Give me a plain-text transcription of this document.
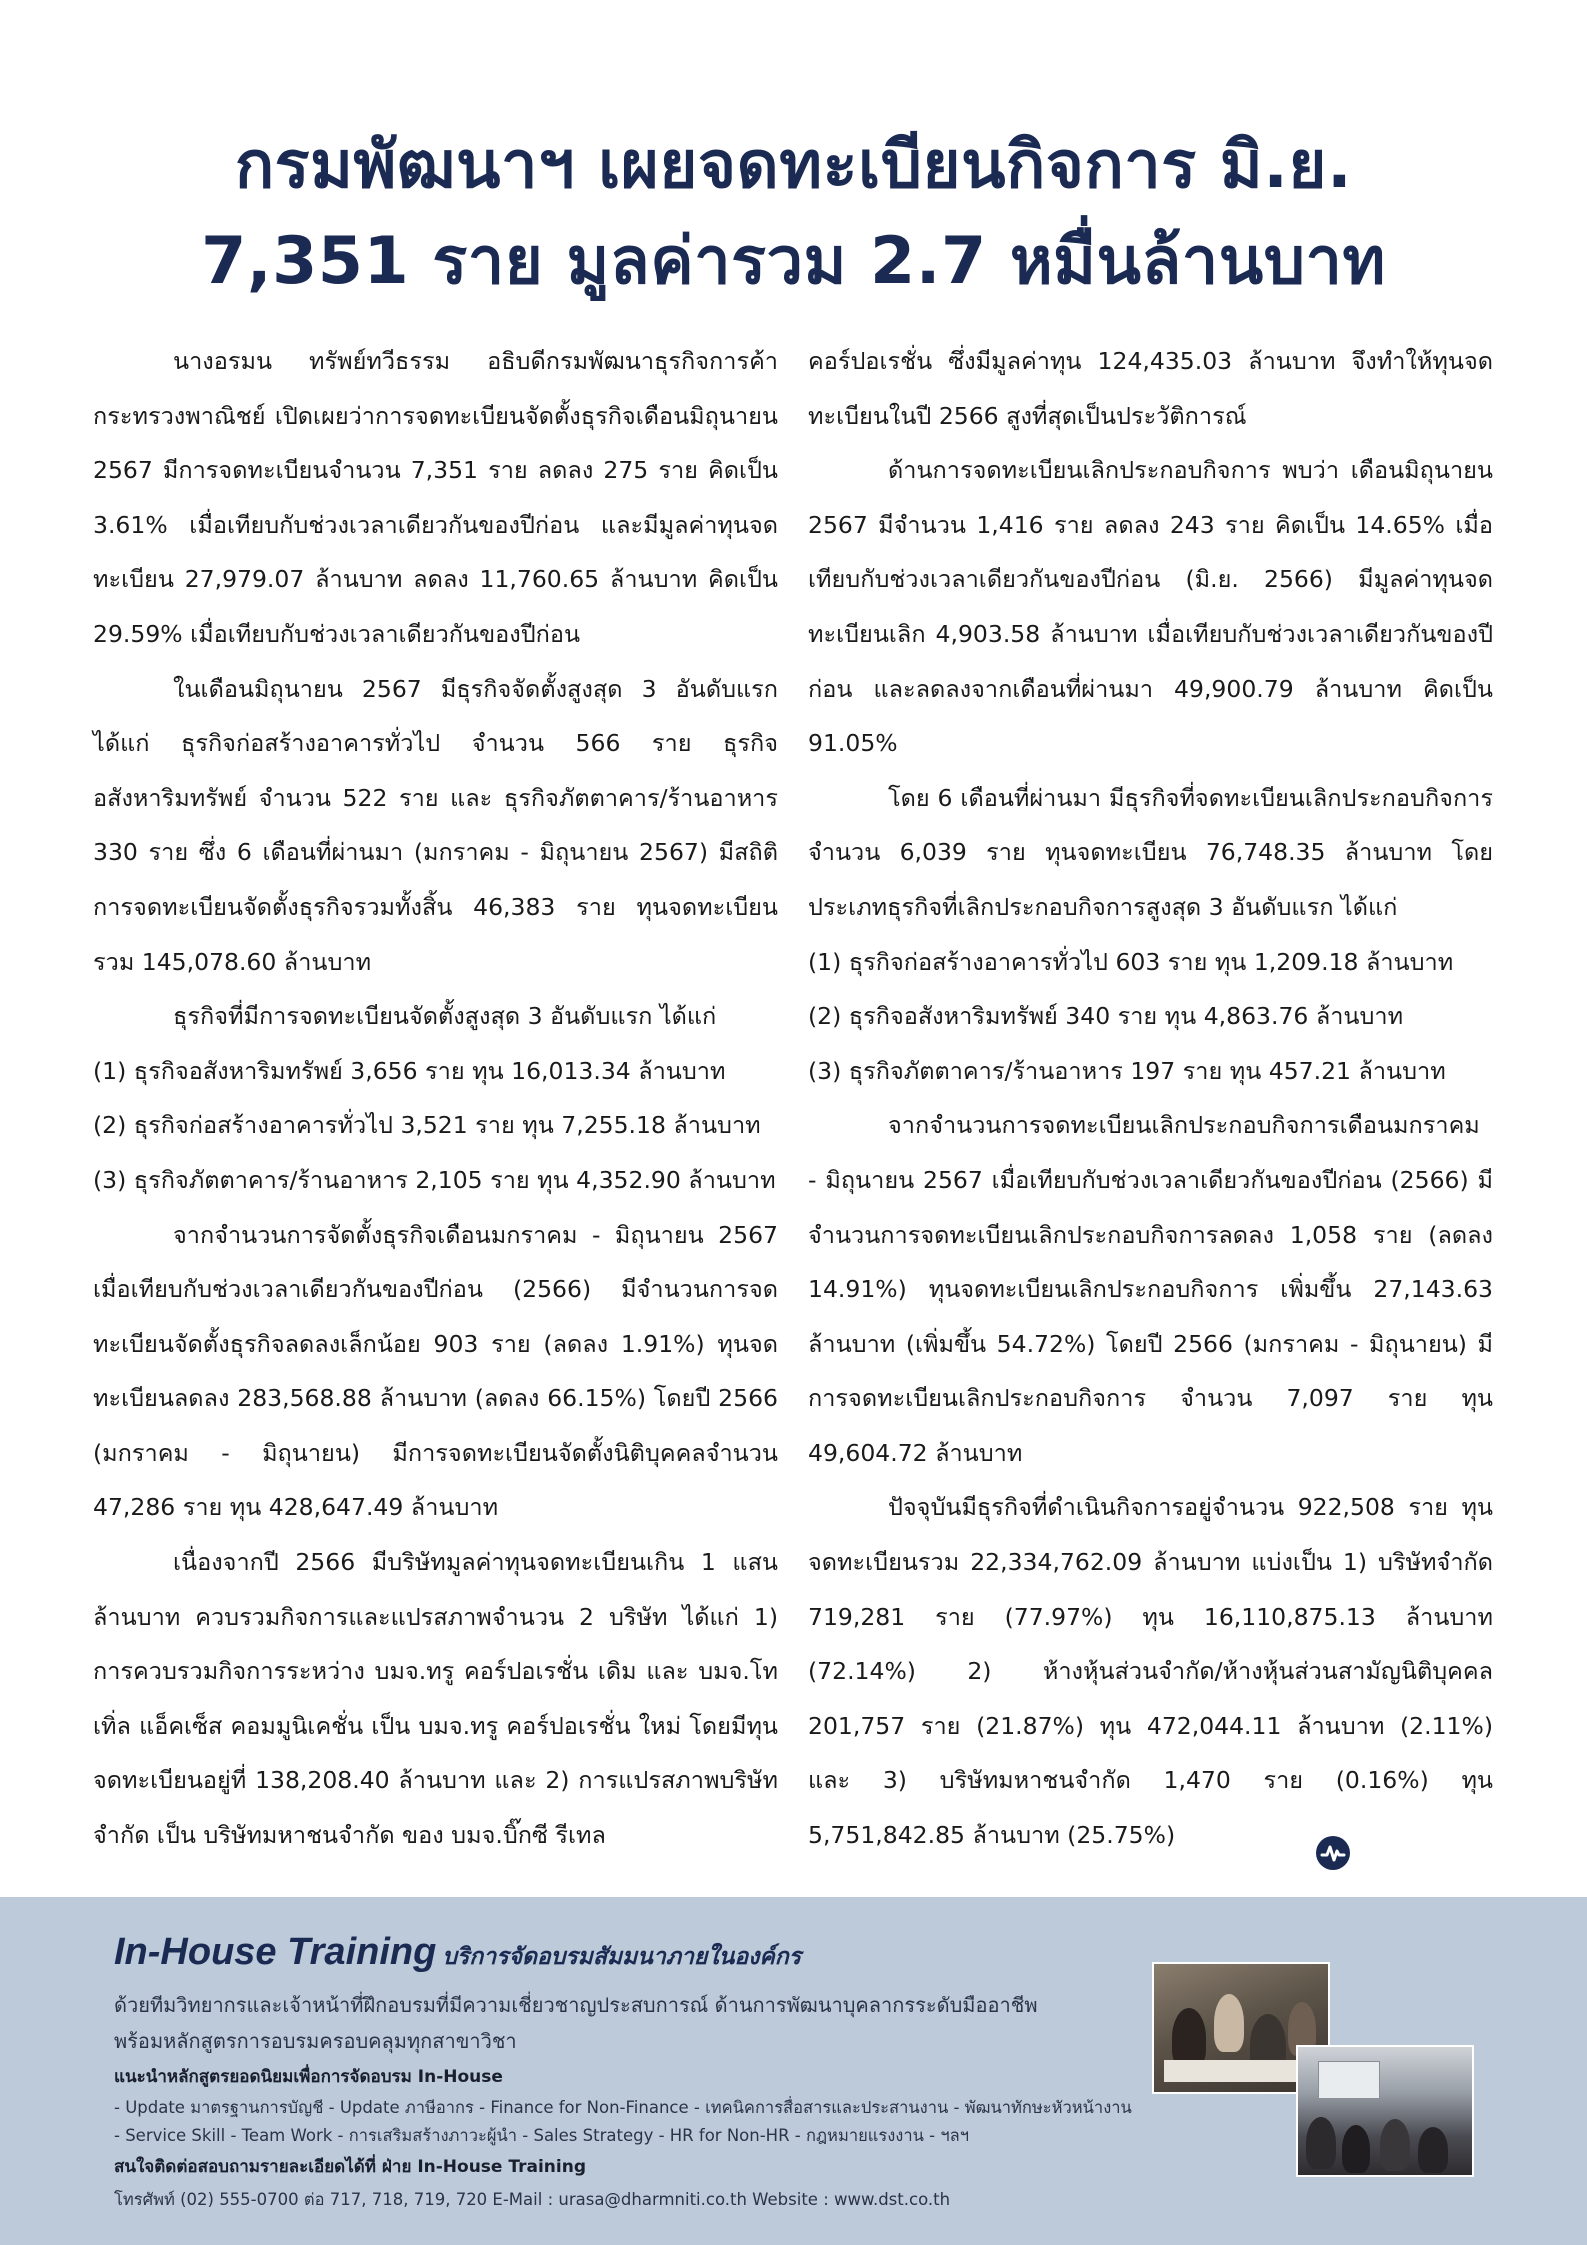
กรมพัฒนาฯ เผยจดทะเบียนกิจการ มิ.ย.
7,351 ราย มูลค่ารวม 2.7 หมื่นล้านบาท

นางอรมน ทรัพย์ทวีธรรม อธิบดีกรมพัฒนาธุรกิจการค้า กระทรวงพาณิชย์ เปิดเผยว่าการจดทะเบียนจัดตั้งธุรกิจเดือนมิถุนายน 2567 มีการจดทะเบียนจำนวน 7,351 ราย ลดลง 275 ราย คิดเป็น 3.61% เมื่อเทียบกับช่วงเวลาเดียวกันของปีก่อน และมีมูลค่าทุนจดทะเบียน 27,979.07 ล้านบาท ลดลง 11,760.65 ล้านบาท คิดเป็น 29.59% เมื่อเทียบกับช่วงเวลาเดียวกันของปีก่อน

ในเดือนมิถุนายน 2567 มีธุรกิจจัดตั้งสูงสุด 3 อันดับแรก ได้แก่ ธุรกิจก่อสร้างอาคารทั่วไป จำนวน 566 ราย ธุรกิจอสังหาริมทรัพย์ จำนวน 522 ราย และ ธุรกิจภัตตาคาร/ร้านอาหาร 330 ราย ซึ่ง 6 เดือนที่ผ่านมา (มกราคม - มิถุนายน 2567) มีสถิติการจดทะเบียนจัดตั้งธุรกิจรวมทั้งสิ้น 46,383 ราย ทุนจดทะเบียนรวม 145,078.60 ล้านบาท

ธุรกิจที่มีการจดทะเบียนจัดตั้งสูงสุด 3 อันดับแรก ได้แก่

(1) ธุรกิจอสังหาริมทรัพย์ 3,656 ราย ทุน 16,013.34 ล้านบาท

(2) ธุรกิจก่อสร้างอาคารทั่วไป 3,521 ราย ทุน 7,255.18 ล้านบาท

(3) ธุรกิจภัตตาคาร/ร้านอาหาร 2,105 ราย ทุน 4,352.90 ล้านบาท

จากจำนวนการจัดตั้งธุรกิจเดือนมกราคม - มิถุนายน 2567 เมื่อเทียบกับช่วงเวลาเดียวกันของปีก่อน (2566) มีจำนวนการจดทะเบียนจัดตั้งธุรกิจลดลงเล็กน้อย 903 ราย (ลดลง 1.91%) ทุนจดทะเบียนลดลง 283,568.88 ล้านบาท (ลดลง 66.15%) โดยปี 2566 (มกราคม - มิถุนายน) มีการจดทะเบียนจัดตั้งนิติบุคคลจำนวน 47,286 ราย ทุน 428,647.49 ล้านบาท

เนื่องจากปี 2566 มีบริษัทมูลค่าทุนจดทะเบียนเกิน 1 แสนล้านบาท ควบรวมกิจการและแปรสภาพจำนวน 2 บริษัท ได้แก่ 1) การควบรวมกิจการระหว่าง บมจ.ทรู คอร์ปอเรชั่น เดิม และ บมจ.โทเทิ่ล แอ็คเซ็ส คอมมูนิเคชั่น เป็น บมจ.ทรู คอร์ปอเรชั่น ใหม่ โดยมีทุนจดทะเบียนอยู่ที่ 138,208.40 ล้านบาท และ 2) การแปรสภาพบริษัทจำกัด เป็น บริษัทมหาชนจำกัด ของ บมจ.บิ๊กซี รีเทล

คอร์ปอเรชั่น ซึ่งมีมูลค่าทุน 124,435.03 ล้านบาท จึงทำให้ทุนจดทะเบียนในปี 2566 สูงที่สุดเป็นประวัติการณ์

ด้านการจดทะเบียนเลิกประกอบกิจการ พบว่า เดือนมิถุนายน 2567 มีจำนวน 1,416 ราย ลดลง 243 ราย คิดเป็น 14.65% เมื่อเทียบกับช่วงเวลาเดียวกันของปีก่อน (มิ.ย. 2566) มีมูลค่าทุนจดทะเบียนเลิก 4,903.58 ล้านบาท เมื่อเทียบกับช่วงเวลาเดียวกันของปีก่อน และลดลงจากเดือนที่ผ่านมา 49,900.79 ล้านบาท คิดเป็น 91.05%

โดย 6 เดือนที่ผ่านมา มีธุรกิจที่จดทะเบียนเลิกประกอบกิจการจำนวน 6,039 ราย ทุนจดทะเบียน 76,748.35 ล้านบาท โดยประเภทธุรกิจที่เลิกประกอบกิจการสูงสุด 3 อันดับแรก ได้แก่

(1) ธุรกิจก่อสร้างอาคารทั่วไป 603 ราย ทุน 1,209.18 ล้านบาท

(2) ธุรกิจอสังหาริมทรัพย์ 340 ราย ทุน 4,863.76 ล้านบาท

(3) ธุรกิจภัตตาคาร/ร้านอาหาร 197 ราย ทุน 457.21 ล้านบาท

จากจำนวนการจดทะเบียนเลิกประกอบกิจการเดือนมกราคม - มิถุนายน 2567 เมื่อเทียบกับช่วงเวลาเดียวกันของปีก่อน (2566) มีจำนวนการจดทะเบียนเลิกประกอบกิจการลดลง 1,058 ราย (ลดลง 14.91%) ทุนจดทะเบียนเลิกประกอบกิจการ เพิ่มขึ้น 27,143.63 ล้านบาท (เพิ่มขึ้น 54.72%) โดยปี 2566 (มกราคม - มิถุนายน) มีการจดทะเบียนเลิกประกอบกิจการ จำนวน 7,097 ราย ทุน 49,604.72 ล้านบาท

ปัจจุบันมีธุรกิจที่ดำเนินกิจการอยู่จำนวน 922,508 ราย ทุนจดทะเบียนรวม 22,334,762.09 ล้านบาท แบ่งเป็น 1) บริษัทจำกัด 719,281 ราย (77.97%) ทุน 16,110,875.13 ล้านบาท (72.14%) 2) ห้างหุ้นส่วนจำกัด/ห้างหุ้นส่วนสามัญนิติบุคคล 201,757 ราย (21.87%) ทุน 472,044.11 ล้านบาท (2.11%) และ 3) บริษัทมหาชนจำกัด 1,470 ราย (0.16%) ทุน 5,751,842.85 ล้านบาท (25.75%)

In-House Training บริการจัดอบรมสัมมนาภายในองค์กร
ด้วยทีมวิทยากรและเจ้าหน้าที่ฝึกอบรมที่มีความเชี่ยวชาญประสบการณ์ ด้านการพัฒนาบุคลากรระดับมืออาชีพ
พร้อมหลักสูตรการอบรมครอบคลุมทุกสาขาวิชา
แนะนำหลักสูตรยอดนิยมเพื่อการจัดอบรม In-House
- Update มาตรฐานการบัญชี - Update ภาษีอากร - Finance for Non-Finance - เทคนิคการสื่อสารและประสานงาน - พัฒนาทักษะหัวหน้างาน
- Service Skill - Team Work - การเสริมสร้างภาวะผู้นำ - Sales Strategy - HR for Non-HR - กฎหมายแรงงาน - ฯลฯ
สนใจติดต่อสอบถามรายละเอียดได้ที่ ฝ่าย In-House Training
โทรศัพท์ (02) 555-0700 ต่อ 717, 718, 719, 720 E-Mail : urasa@dharmniti.co.th Website : www.dst.co.th
